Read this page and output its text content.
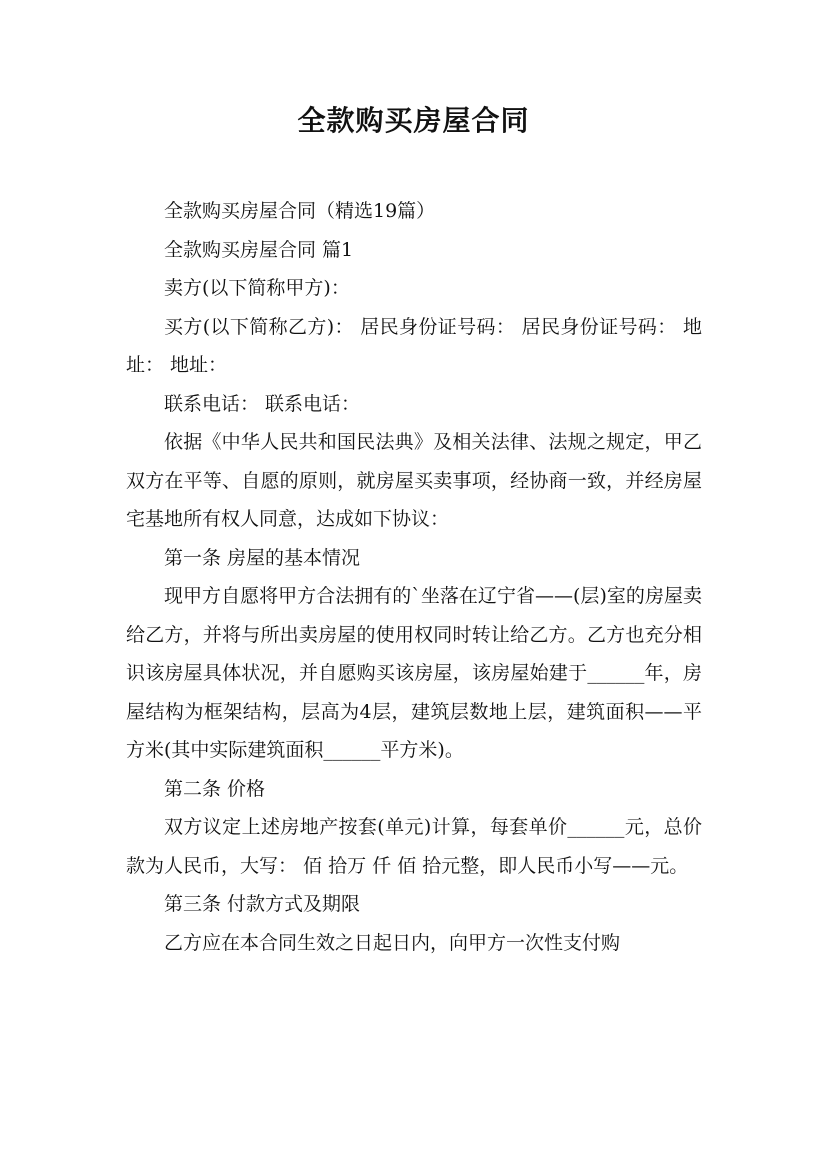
全款购买房屋合同

全款购买房屋合同（精选19篇）

全款购买房屋合同 篇1

卖方(以下简称甲方)：

买方(以下简称乙方)： 居民身份证号码： 居民身份证号码： 地址： 地址：

联系电话： 联系电话：

依据《中华人民共和国民法典》及相关法律、法规之规定，甲乙双方在平等、自愿的原则，就房屋买卖事项，经协商一致，并经房屋宅基地所有权人同意，达成如下协议：

第一条 房屋的基本情况

现甲方自愿将甲方合法拥有的`坐落在辽宁省——(层)室的房屋卖给乙方，并将与所出卖房屋的使用权同时转让给乙方。乙方也充分相识该房屋具体状况，并自愿购买该房屋，该房屋始建于______年，房屋结构为框架结构，层高为4层，建筑层数地上层，建筑面积——平方米(其中实际建筑面积______平方米)。

第二条 价格

双方议定上述房地产按套(单元)计算，每套单价______元，总价款为人民币，大写： 佰 拾万 仟 佰 拾元整，即人民币小写——元。

第三条 付款方式及期限

乙方应在本合同生效之日起日内，向甲方一次性支付购
